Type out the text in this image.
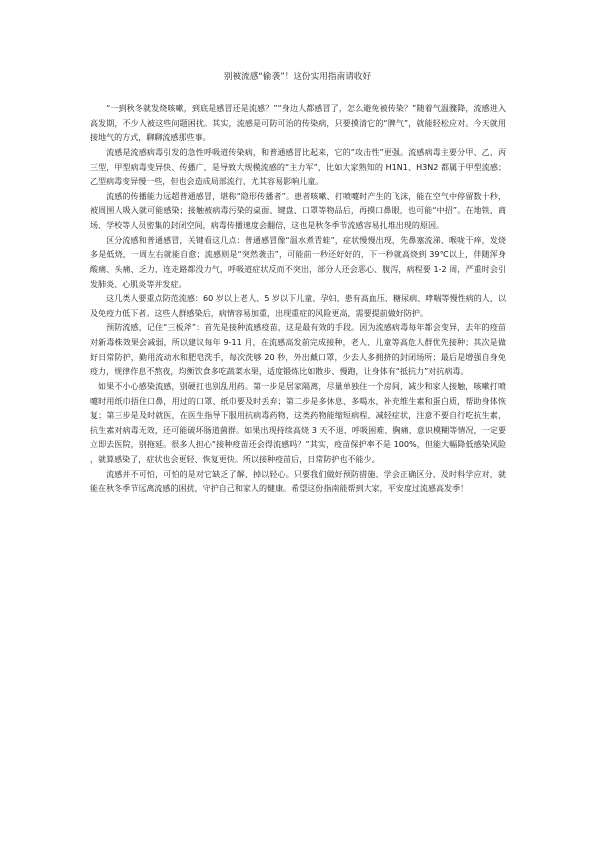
别被流感“偷袭”！这份实用指南请收好

“一到秋冬就发烧咳嗽，到底是感冒还是流感？”“身边人都感冒了，怎么避免被传染？”随着气温骤降，流感进入高发期，不少人被这些问题困扰。其实，流感是可防可治的传染病，只要摸清它的“脾气”，就能轻松应对。今天就用接地气的方式，聊聊流感那些事。

流感是流感病毒引发的急性呼吸道传染病，和普通感冒比起来，它的“攻击性”更强。流感病毒主要分甲、乙、丙三型，甲型病毒变异快、传播广，是导致大规模流感的“主力军”，比如大家熟知的 H1N1、H3N2 都属于甲型流感；乙型病毒变异慢一些，但也会造成局部流行，尤其容易影响儿童。

流感的传播能力远超普通感冒，堪称“隐形传播者”。患者咳嗽、打喷嚏时产生的飞沫，能在空气中停留数十秒，被周围人吸入就可能感染；接触被病毒污染的桌面、键盘、口罩等物品后，再摸口鼻眼，也可能“中招”。在地铁、商场、学校等人员密集的封闭空间，病毒传播速度会翻倍，这也是秋冬季节流感容易扎堆出现的原因。

区分流感和普通感冒，关键看这几点：普通感冒像“温水煮青蛙”，症状慢慢出现，先鼻塞流涕、喉咙干痒，发烧多是低烧，一周左右就能自愈；流感则是“突然袭击”，可能前一秒还好好的，下一秒就高烧到 39℃以上，伴随浑身酸痛、头痛、乏力，连走路都没力气，呼吸道症状反而不突出，部分人还会恶心、腹泻，病程要 1-2 周，严重时会引发肺炎、心肌炎等并发症。

这几类人要重点防范流感：60 岁以上老人、5 岁以下儿童、孕妇、患有高血压、糖尿病、哮喘等慢性病的人，以及免疫力低下者。这些人群感染后，病情容易加重，出现重症的风险更高，需要提前做好防护。

预防流感，记住“三板斧”：首先是接种流感疫苗，这是最有效的手段。因为流感病毒每年都会变异，去年的疫苗对新毒株效果会减弱，所以建议每年 9-11 月，在流感高发前完成接种，老人、儿童等高危人群优先接种；其次是做好日常防护，勤用流动水和肥皂洗手，每次洗够 20 秒，外出戴口罩，少去人多拥挤的封闭场所；最后是增强自身免疫力，规律作息不熬夜，均衡饮食多吃蔬菜水果，适度锻炼比如散步、慢跑，让身体有“抵抗力”对抗病毒。

如果不小心感染流感，别硬扛也别乱用药。第一步是居家隔离，尽量单独住一个房间，减少和家人接触，咳嗽打喷嚏时用纸巾捂住口鼻，用过的口罩、纸巾要及时丢弃；第二步是多休息、多喝水，补充维生素和蛋白质，帮助身体恢复；第三步是及时就医，在医生指导下服用抗病毒药物，这类药物能缩短病程、减轻症状，注意不要自行吃抗生素，抗生素对病毒无效，还可能破坏肠道菌群。如果出现持续高烧 3 天不退、呼吸困难、胸痛、意识模糊等情况，一定要立即去医院，别拖延。很多人担心“接种疫苗还会得流感吗？”其实，疫苗保护率不是 100%，但能大幅降低感染风险，就算感染了，症状也会更轻、恢复更快。所以接种疫苗后，日常防护也不能少。

流感并不可怕，可怕的是对它缺乏了解、掉以轻心。只要我们做好预防措施、学会正确区分、及时科学应对，就能在秋冬季节远离流感的困扰，守护自己和家人的健康。希望这份指南能帮到大家，平安度过流感高发季！
